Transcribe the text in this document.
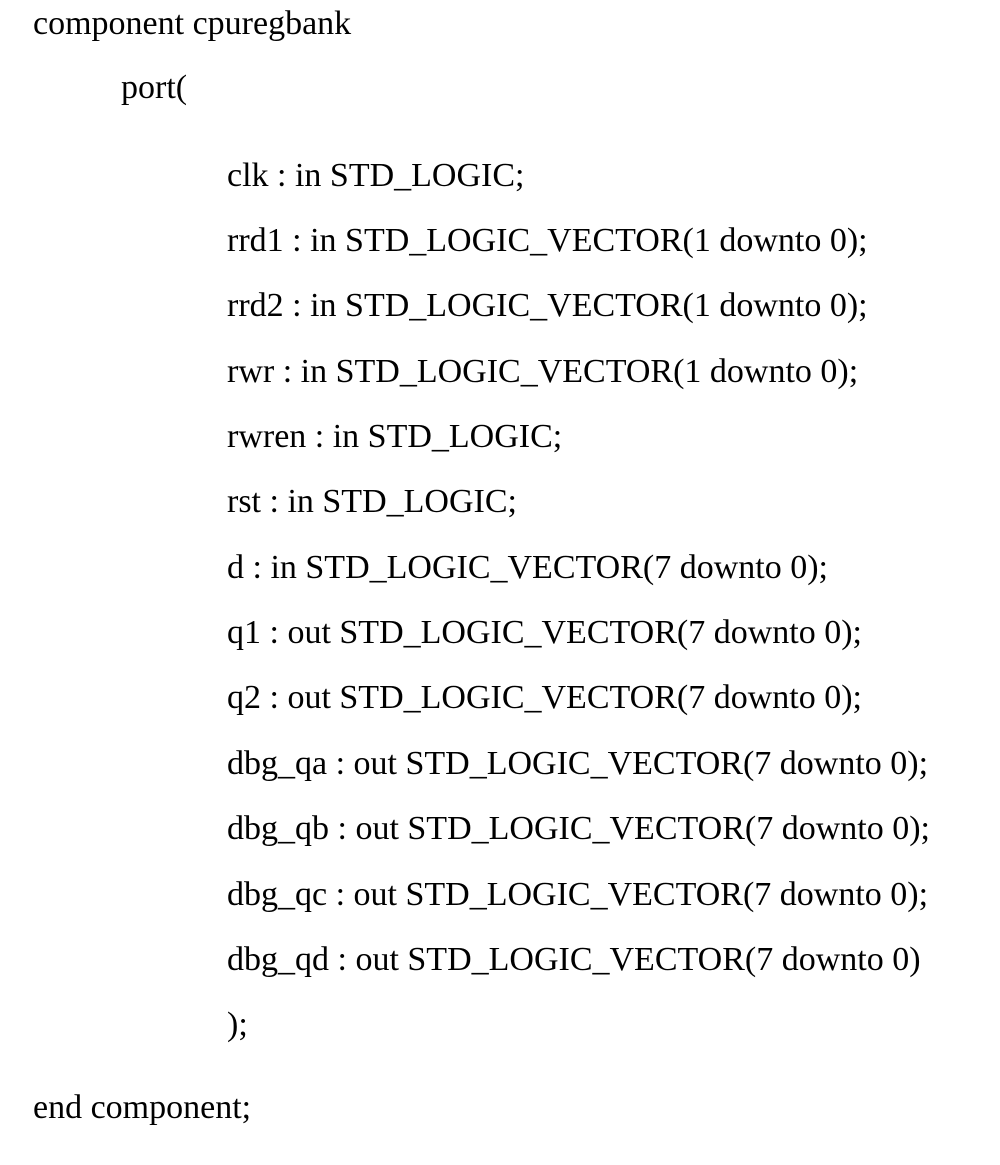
component cpuregbank
port(
clk : in STD_LOGIC;
rrd1 : in STD_LOGIC_VECTOR(1 downto 0);
rrd2 : in STD_LOGIC_VECTOR(1 downto 0);
rwr : in STD_LOGIC_VECTOR(1 downto 0);
rwren : in STD_LOGIC;
rst : in STD_LOGIC;
d : in STD_LOGIC_VECTOR(7 downto 0);
q1 : out STD_LOGIC_VECTOR(7 downto 0);
q2 : out STD_LOGIC_VECTOR(7 downto 0);
dbg_qa : out STD_LOGIC_VECTOR(7 downto 0);
dbg_qb : out STD_LOGIC_VECTOR(7 downto 0);
dbg_qc : out STD_LOGIC_VECTOR(7 downto 0);
dbg_qd : out STD_LOGIC_VECTOR(7 downto 0)
);
end component;
